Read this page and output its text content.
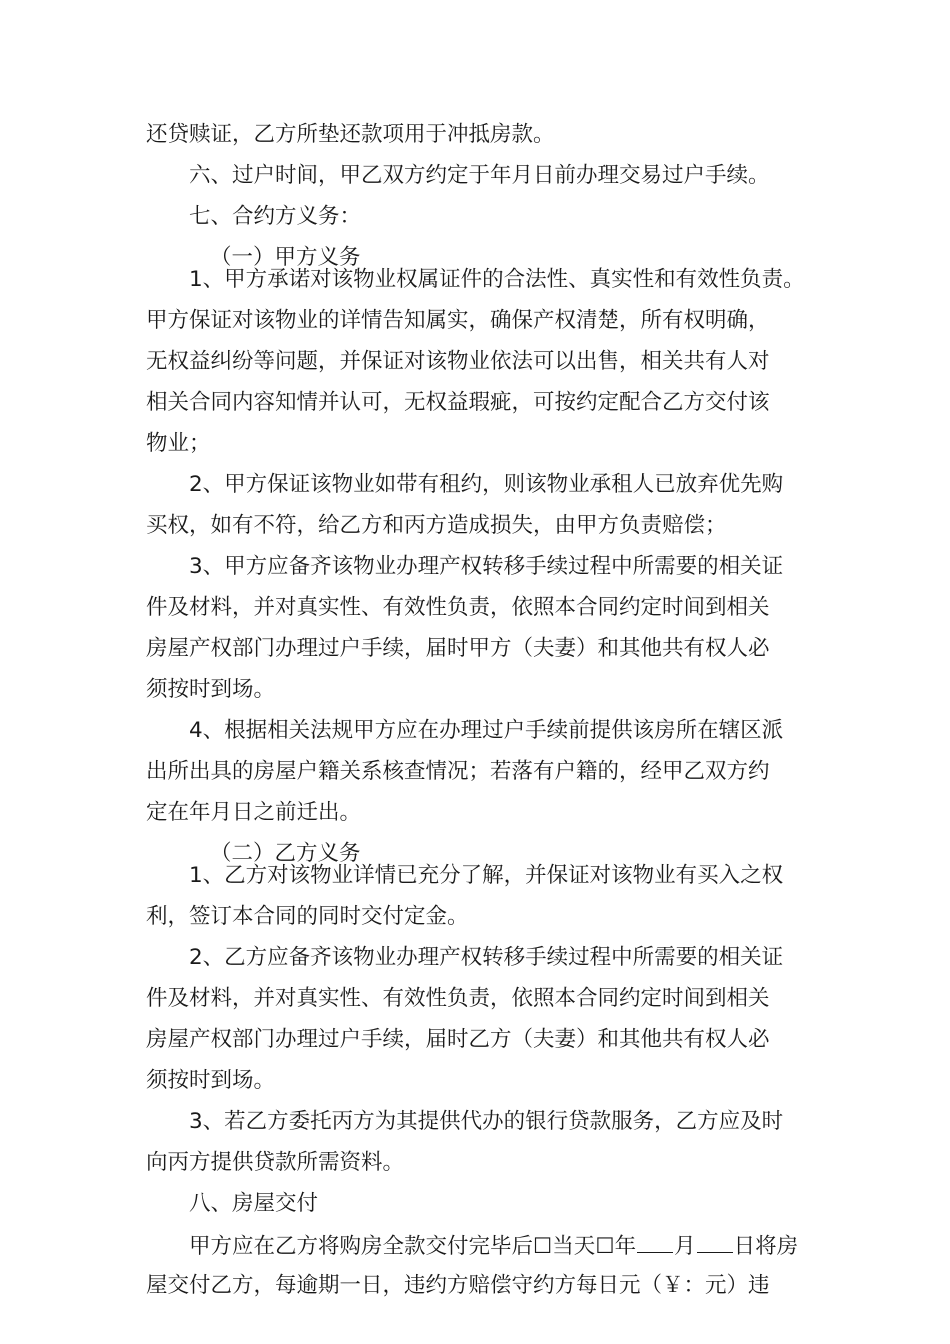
还贷赎证，乙方所垫还款项用于冲抵房款。
六、过户时间，甲乙双方约定于年月日前办理交易过户手续。
七、合约方义务：
（一）甲方义务
1、甲方承诺对该物业权属证件的合法性、真实性和有效性负责。
甲方保证对该物业的详情告知属实，确保产权清楚，所有权明确，
无权益纠纷等问题，并保证对该物业依法可以出售，相关共有人对
相关合同内容知情并认可，无权益瑕疵，可按约定配合乙方交付该
物业；
2、甲方保证该物业如带有租约，则该物业承租人已放弃优先购
买权，如有不符，给乙方和丙方造成损失，由甲方负责赔偿；
3、甲方应备齐该物业办理产权转移手续过程中所需要的相关证
件及材料，并对真实性、有效性负责，依照本合同约定时间到相关
房屋产权部门办理过户手续，届时甲方（夫妻）和其他共有权人必
须按时到场。
4、根据相关法规甲方应在办理过户手续前提供该房所在辖区派
出所出具的房屋户籍关系核查情况；若落有户籍的，经甲乙双方约
定在年月日之前迁出。
（二）乙方义务
1、乙方对该物业详情已充分了解，并保证对该物业有买入之权
利，签订本合同的同时交付定金。
2、乙方应备齐该物业办理产权转移手续过程中所需要的相关证
件及材料，并对真实性、有效性负责，依照本合同约定时间到相关
房屋产权部门办理过户手续，届时乙方（夫妻）和其他共有权人必
须按时到场。
3、若乙方委托丙方为其提供代办的银行贷款服务，乙方应及时
向丙方提供贷款所需资料。
八、房屋交付
甲方应在乙方将购房全款交付完毕后☐当天☐年 月 日将房
屋交付乙方，每逾期一日，违约方赔偿守约方每日元（￥：元）违
